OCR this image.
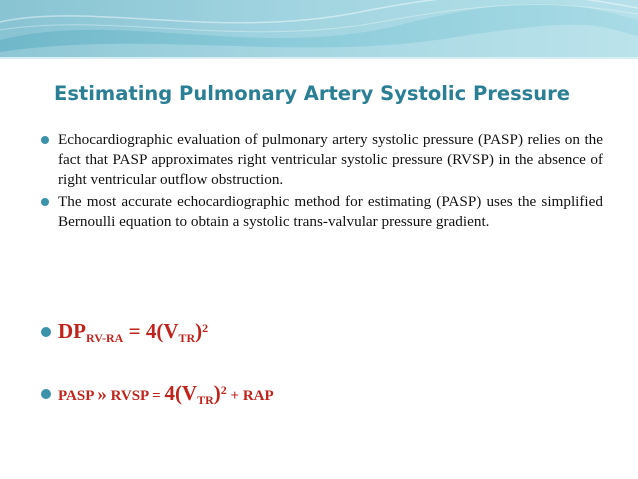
Estimating Pulmonary Artery Systolic Pressure
Echocardiographic evaluation of pulmonary artery systolic pressure (PASP) relies on the fact that PASP approximates right ventricular systolic pressure (RVSP) in the absence of right ventricular outflow obstruction.
The most accurate echocardiographic method for estimating (PASP) uses the simplified Bernoulli equation to obtain a systolic trans-valvular pressure gradient.
$DP_{RV-RA} = 4(V_{TR})^2$
PASP » RVSP = $4(V_{TR})^2$ + RAP
